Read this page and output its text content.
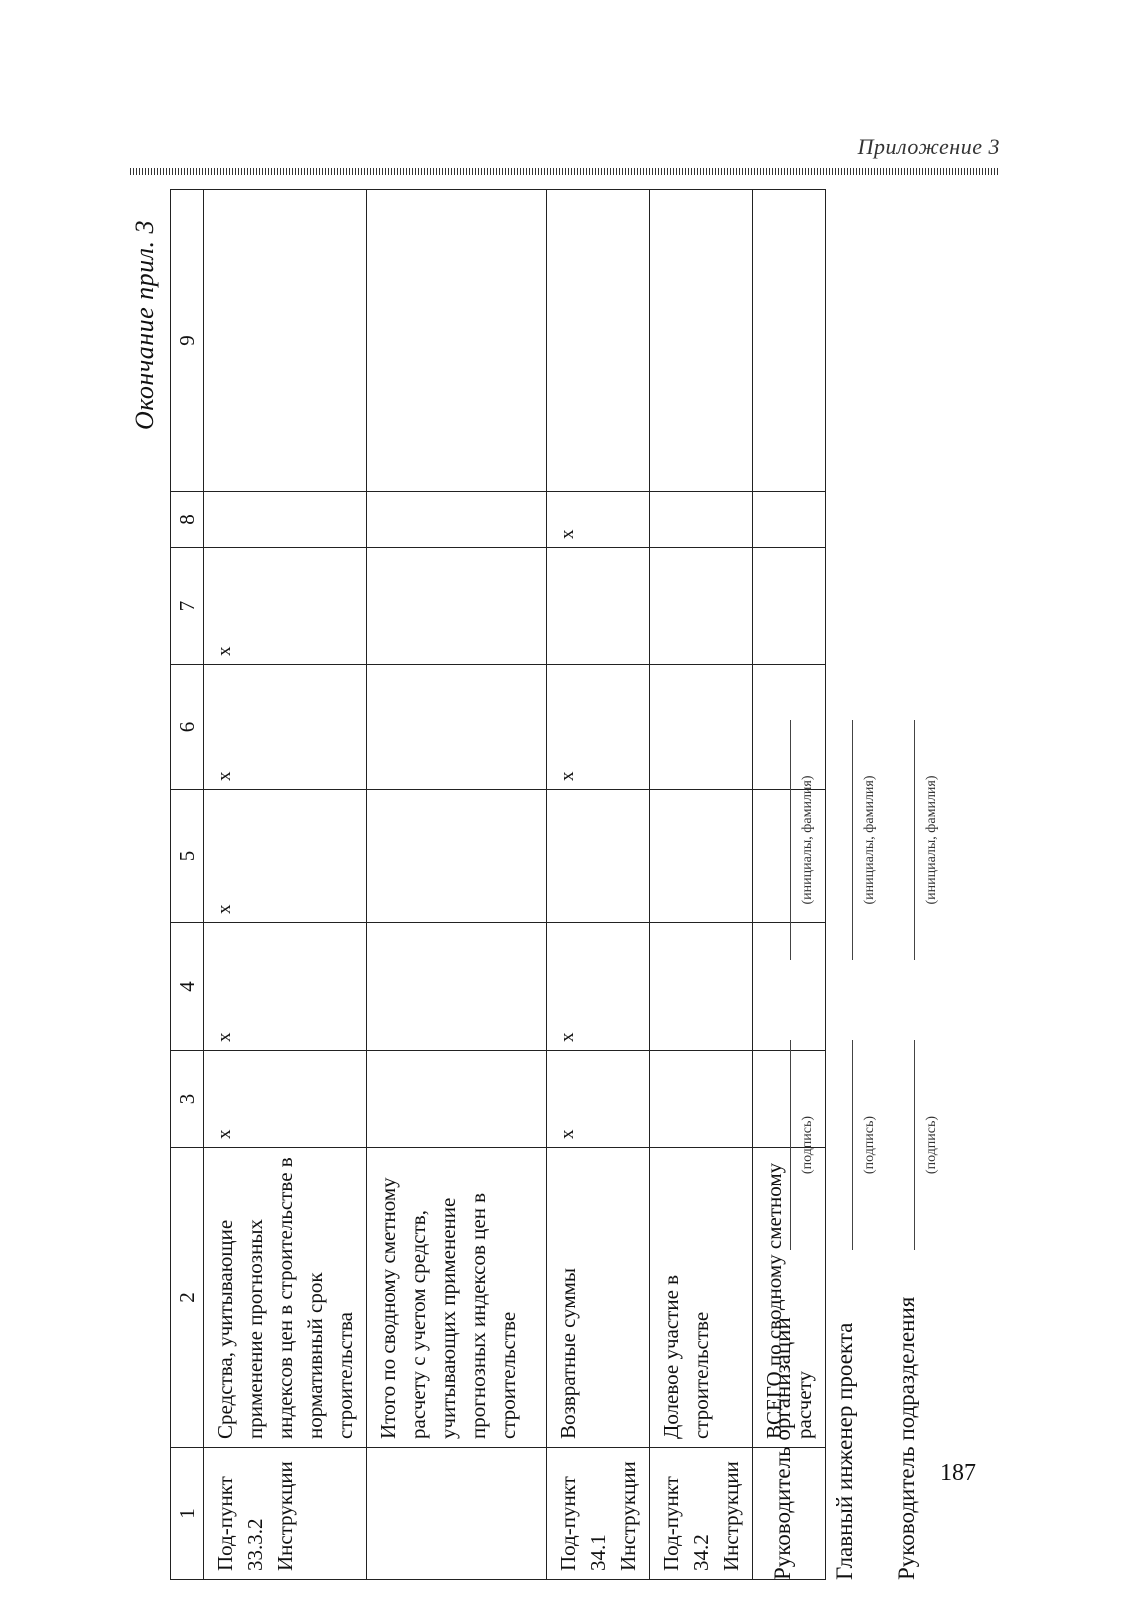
Приложение 3
Окончание прил. 3
1	2	3	4	5	6	7	8	9
Под-пункт 33.3.2 Инструкции	Средства, учитывающие применение прогнозных индексов цен в строительстве в нормативный срок строительства	х	х	х	х	х		
	Итого по сводному сметному расчету с учетом средств, учитывающих применение прогнозных индексов цен в строительстве							
Под-пункт 34.1 Инструкции	Возвратные суммы	х	х		х		х	
Под-пункт 34.2 Инструкции	Долевое участие в строительстве							
	ВСЕГО по сводному сметному расчету							
Руководитель организации
(подпись)
(инициалы, фамилия)
Главный инженер проекта
(подпись)
(инициалы, фамилия)
Руководитель подразделения
(подпись)
(инициалы, фамилия)
187
